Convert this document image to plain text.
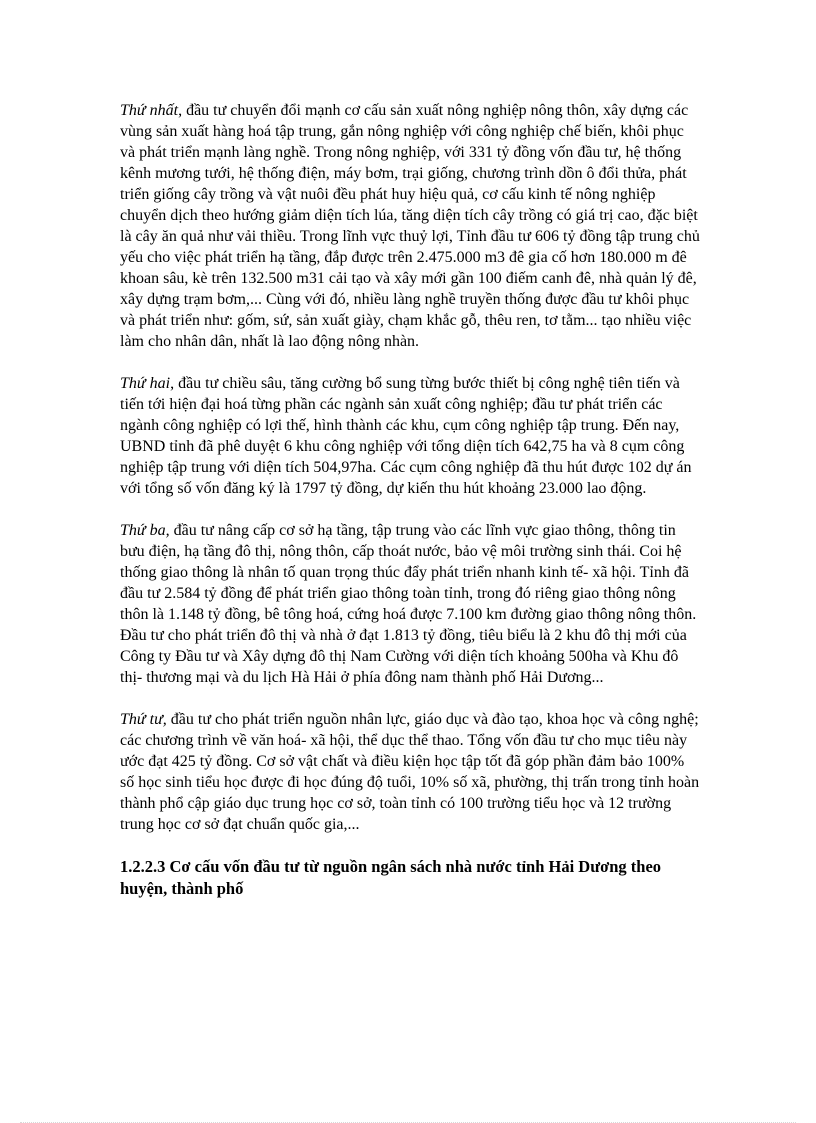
Thứ nhất, đầu tư chuyển đổi mạnh cơ cấu sản xuất nông nghiệp nông thôn, xây dựng các vùng sản xuất hàng hoá tập trung, gắn nông nghiệp với công nghiệp chế biến, khôi phục và phát triển mạnh làng nghề. Trong nông nghiệp, với 331 tỷ đồng vốn đầu tư, hệ thống kênh mương tưới, hệ thống điện, máy bơm, trại giống, chương trình dồn ô đổi thửa, phát triển giống cây trồng và vật nuôi đều phát huy hiệu quả, cơ cấu kinh tế nông nghiệp chuyển dịch theo hướng giảm diện tích lúa, tăng diện tích cây trồng có giá trị cao, đặc biệt là cây ăn quả như vải thiều. Trong lĩnh vực thuỷ lợi, Tỉnh đầu tư 606 tỷ đồng tập trung chủ yếu cho việc phát triển hạ tầng, đắp được trên 2.475.000 m3 đê gia cố hơn 180.000 m đê khoan sâu, kè trên 132.500 m31 cải tạo và xây mới gần 100 điếm canh đê, nhà quản lý đê, xây dựng trạm bơm,... Cùng với đó, nhiều làng nghề truyền thống được đầu tư khôi phục và phát triển như: gốm, sứ, sản xuất giày, chạm khắc gỗ, thêu ren, tơ tằm... tạo nhiều việc làm cho nhân dân, nhất là lao động nông nhàn.

Thứ hai, đầu tư chiều sâu, tăng cường bổ sung từng bước thiết bị công nghệ tiên tiến và tiến tới hiện đại hoá từng phần các ngành sản xuất công nghiệp; đầu tư phát triển các ngành công nghiệp có lợi thế, hình thành các khu, cụm công nghiệp tập trung. Đến nay, UBND tỉnh đã phê duyệt 6 khu công nghiệp với tổng diện tích 642,75 ha và 8 cụm công nghiệp tập trung với diện tích 504,97ha. Các cụm công nghiệp đã thu hút được 102 dự án với tổng số vốn đăng ký là 1797 tỷ đồng, dự kiến thu hút khoảng 23.000 lao động.

Thứ ba, đầu tư nâng cấp cơ sở hạ tầng, tập trung vào các lĩnh vực giao thông, thông tin bưu điện, hạ tầng đô thị, nông thôn, cấp thoát nước, bảo vệ môi trường sinh thái. Coi hệ thống giao thông là nhân tố quan trọng thúc đẩy phát triển nhanh kinh tế- xã hội. Tỉnh đã đầu tư 2.584 tỷ đồng để phát triển giao thông toàn tỉnh, trong đó riêng giao thông nông thôn là 1.148 tỷ đồng, bê tông hoá, cứng hoá được 7.100 km đường giao thông nông thôn. Đầu tư cho phát triển đô thị và nhà ở đạt 1.813 tỷ đồng, tiêu biểu là 2 khu đô thị mới của Công ty Đầu tư và Xây dựng đô thị Nam Cường với diện tích khoảng 500ha và Khu đô thị- thương mại và du lịch Hà Hải ở phía đông nam thành phố Hải Dương...

Thứ tư, đầu tư cho phát triển nguồn nhân lực, giáo dục và đào tạo, khoa học và công nghệ; các chương trình về văn hoá- xã hội, thể dục thể thao. Tổng vốn đầu tư cho mục tiêu này ước đạt 425 tỷ đồng. Cơ sở vật chất và điều kiện học tập tốt đã góp phần đảm bảo 100% số học sinh tiểu học được đi học đúng độ tuổi, 10% số xã, phường, thị trấn trong tỉnh hoàn thành phổ cập giáo dục trung học cơ sở, toàn tỉnh có 100 trường tiểu học và 12 trường trung học cơ sở đạt chuẩn quốc gia,...

1.2.2.3 Cơ cấu vốn đầu tư từ nguồn ngân sách nhà nước tỉnh Hải Dương theo huyện, thành phố
